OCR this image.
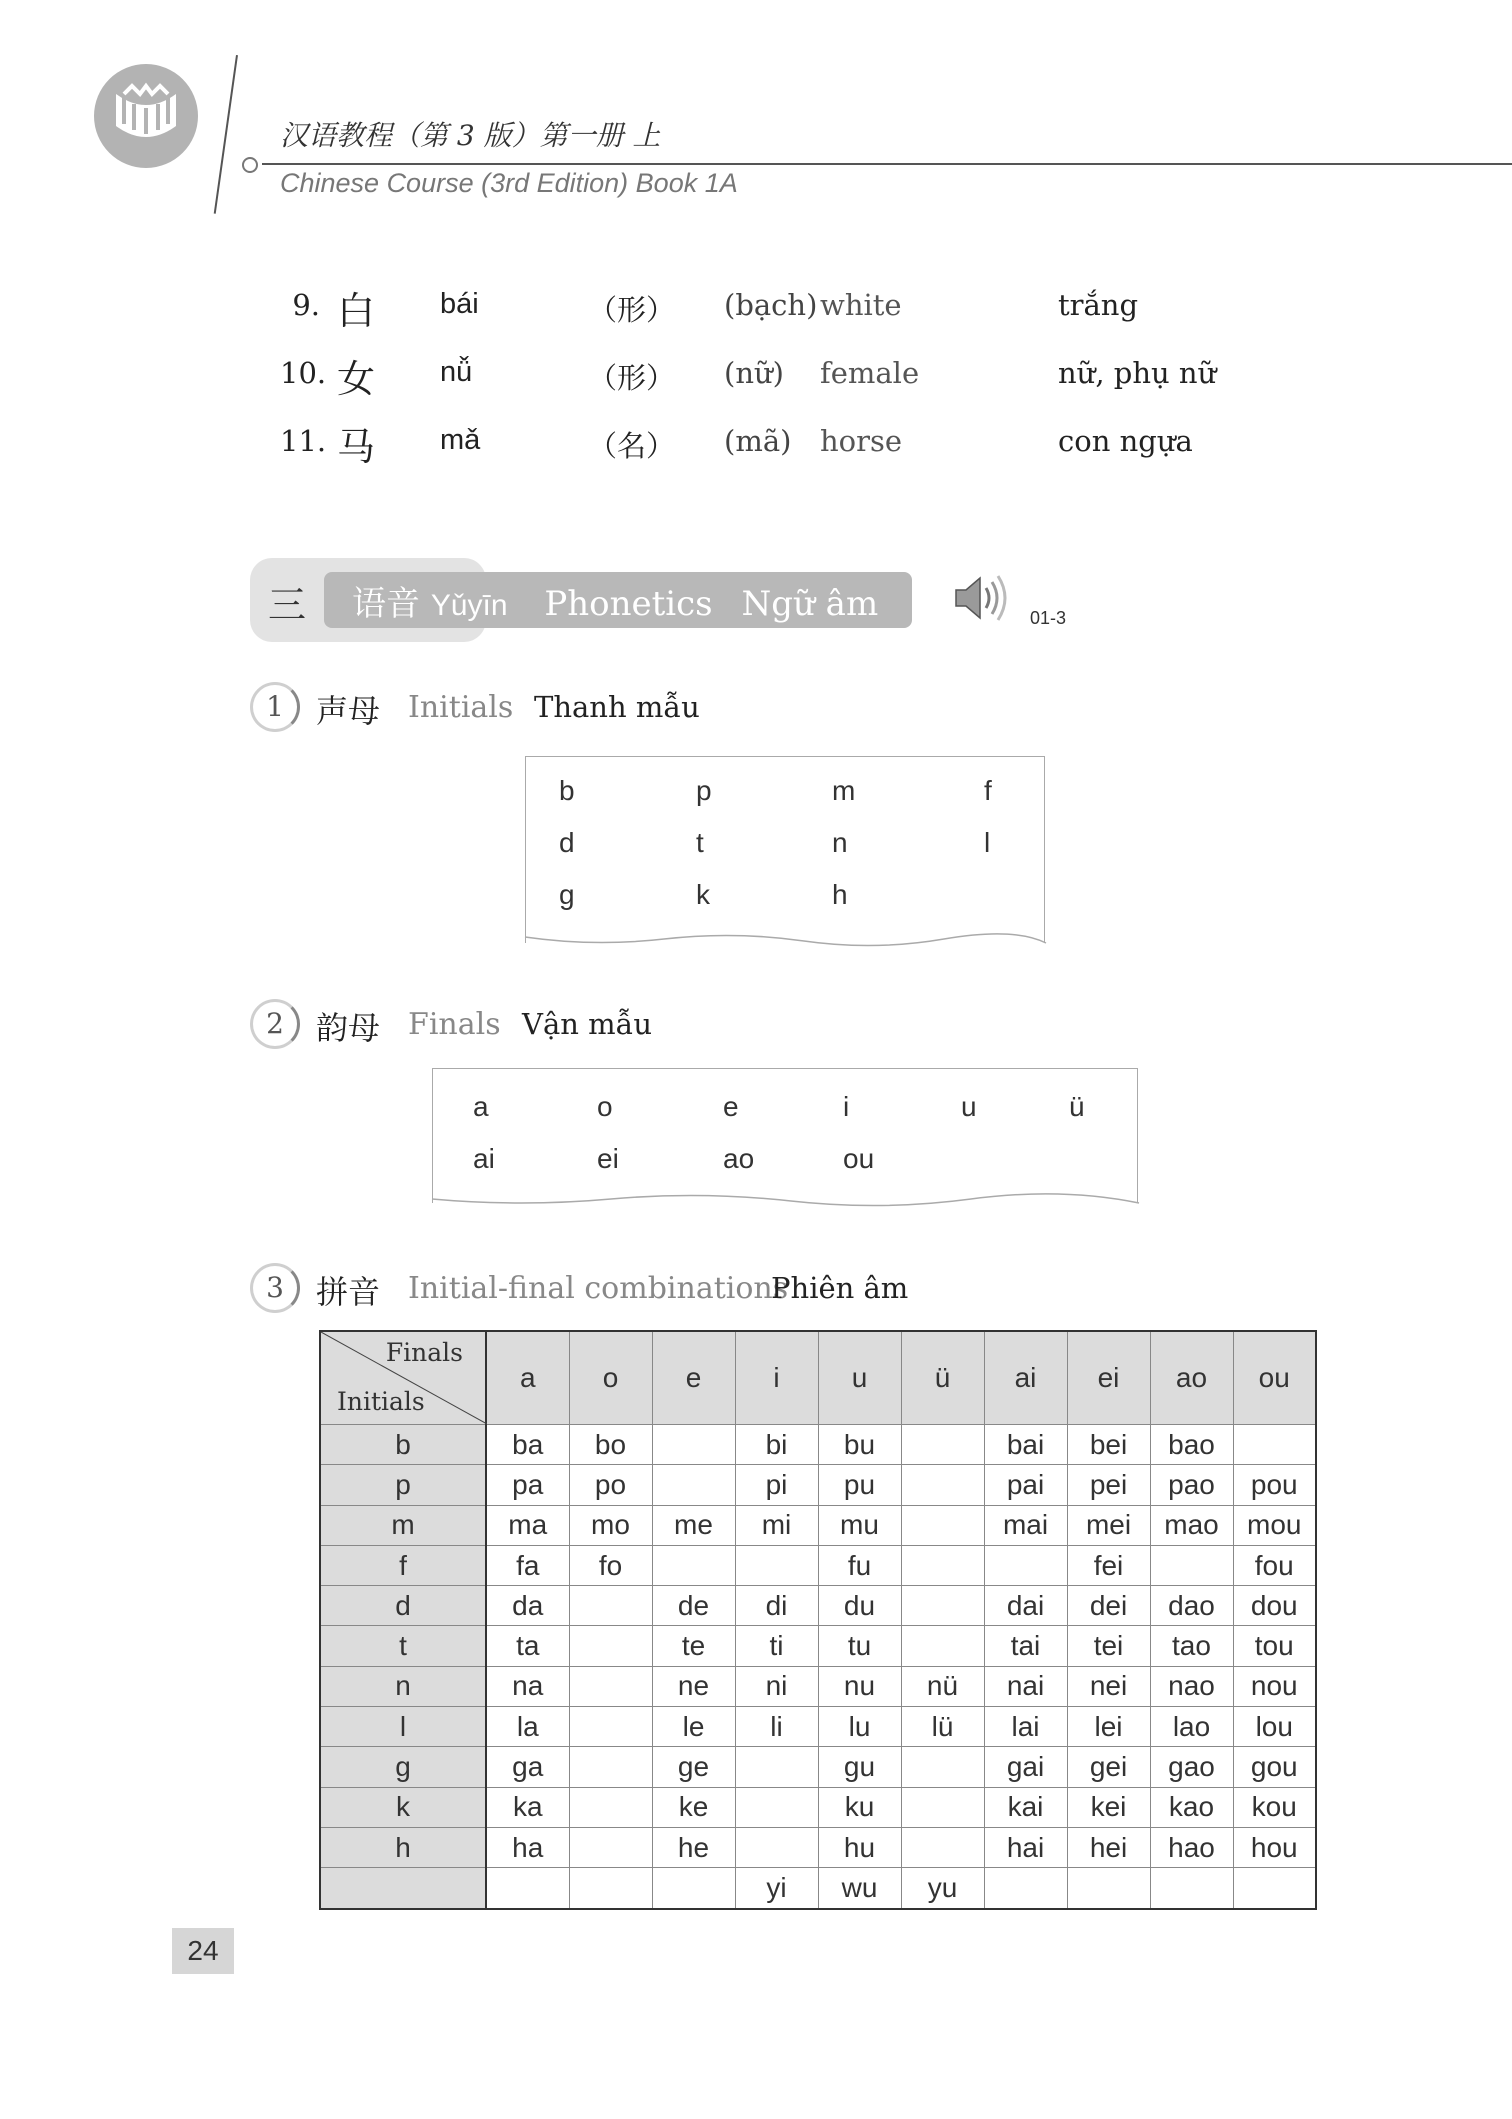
汉语教程（第 3 版）第一册 上
Chinese Course (3rd Edition) Book 1A
9. 白 bái	（形） (bạch) white	trắng
10. 女 nǚ	（形） (nữ) female	nữ, phụ nữ
11. 马 mǎ	（名） (mã) horse	con ngựa
三 语音 Yǔyīn Phonetics Ngữ âm	01-3
1	声母 Initials Thanh mẫu
b	p	m	f
d	t	n	l
g	k	h
2	韵母 Finals Vận mẫu
a	o	e	i	u	ü
ai	ei	ao	ou
3	拼音 Initial-final combinations
Phiên âm
Finals
Initials	a	o	e	i	u	ü	ai	ei	ao	ou
b	ba	bo		bi	bu		bai	bei	bao	
p	pa	po		pi	pu		pai	pei	pao	pou
m	ma	mo	me	mi	mu		mai	mei	mao	mou
f	fa	fo			fu			fei		fou
d	da		de	di	du		dai	dei	dao	dou
t	ta		te	ti	tu		tai	tei	tao	tou
n	na		ne	ni	nu	nü	nai	nei	nao	nou
l	la		le	li	lu	lü	lai	lei	lao	lou
g	ga		ge		gu		gai	gei	gao	gou
k	ka		ke		ku		kai	kei	kao	kou
h	ha		he		hu		hai	hei	hao	hou
				yi	wu	yu				
24
